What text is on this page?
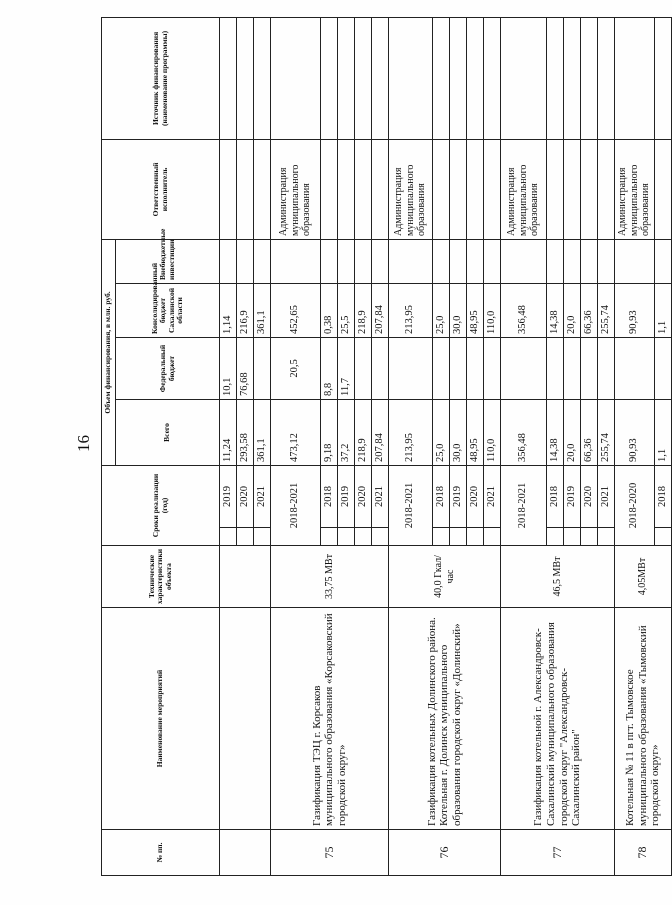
16
№ пп.	Наименование мероприятий	Технические характеристики объекта	Сроки реализации (год)		Объем финансирования, в млн. руб.				Ответственный исполнитель	Источник финансирования (наименование программы)
					Всего	Федеральный бюджет	Консолидированный бюджет Сахалинской области	Внебюджетные инвестиции		
				2019	11,24	10,1	1,14			
				2020	293,58	76,68	216,9			
				2021	361,1		361,1			
75	Газификация ТЭЦ г. Корсаков муниципального образования «Корсаковский городской округ»	33,75 МВт	2018-2021		473,12	20,5	452,65		Администрация муниципального образования	
				2018	9,18	8,8	0,38			
				2019	37,2	11,7	25,5			
				2020	218,9		218,9			
				2021	207,84		207,84			
76	Газификация котельных Долинского района. Котельная г. Долинск муниципального образования городской округ «Долинский»	40,0 Гкал/час	2018-2021		213,95		213,95		Администрация муниципального образования	
				2018	25,0		25,0			
				2019	30,0		30,0			
				2020	48,95		48,95			
				2021	110,0		110,0			
77	Газификация котельной г. Александровск-Сахалинский муниципального образования городской округ "Александровск-Сахалинский район"	46,5 МВт	2018-2021		356,48		356,48		Администрация муниципального образования	
				2018	14,38		14,38			
				2019	20,0		20,0			
				2020	66,36		66,36			
				2021	255,74		255,74			
78	Котельная № 11 в пгт. Тымовское муниципального образования «Тымовский городской округ»	4,05МВт	2018-2020		90,93		90,93		Администрация муниципального образования	
				2018	1,1		1,1			
